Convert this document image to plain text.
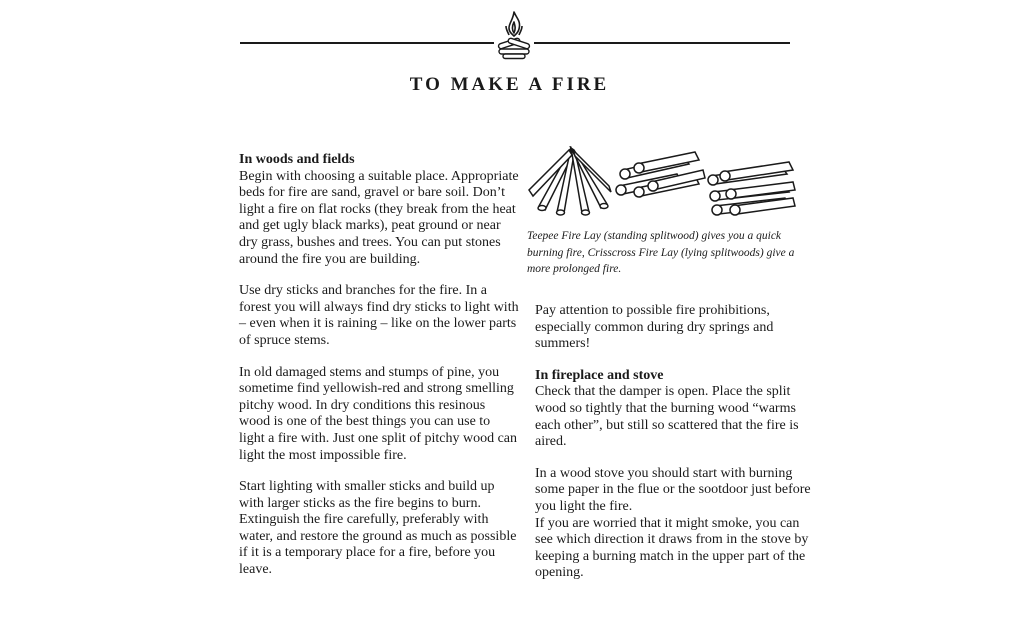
TO MAKE A FIRE
In woods and fields

Begin with choosing a suitable place. Appropriate beds for fire are sand, gravel or bare soil. Don’t light a fire on flat rocks (they break from the heat and get ugly black marks), peat ground or near dry grass, bushes and trees. You can put stones around the fire you are building.

Use dry sticks and branches for the fire. In a forest you will always find dry sticks to light with – even when it is raining – like on the lower parts of spruce stems.

In old damaged stems and stumps of pine, you sometime find yellowish-red and strong smelling pitchy wood. In dry conditions this resinous wood is one of the best things you can use to light a fire with. Just one split of pitchy wood can light the most impossible fire.

Start lighting with smaller sticks and build up with larger sticks as the fire begins to burn. Extinguish the fire carefully, preferably with water, and restore the ground as much as possible if it is a temporary place for a fire, before you leave.

Teepee Fire Lay (standing splitwood) gives you a quick burning fire, Crisscross Fire Lay (lying splitwoods) give a more prolonged fire.

Pay attention to possible fire prohibitions, especially common during dry springs and summers!

In fireplace and stove

Check that the damper is open. Place the split wood so tightly that the burning wood “warms each other”, but still so scattered that the fire is aired.

In a wood stove you should start with burning some paper in the flue or the sootdoor just before you light the fire.

If you are worried that it might smoke, you can see which direction it draws from in the stove by keeping a burning match in the upper part of the opening.
